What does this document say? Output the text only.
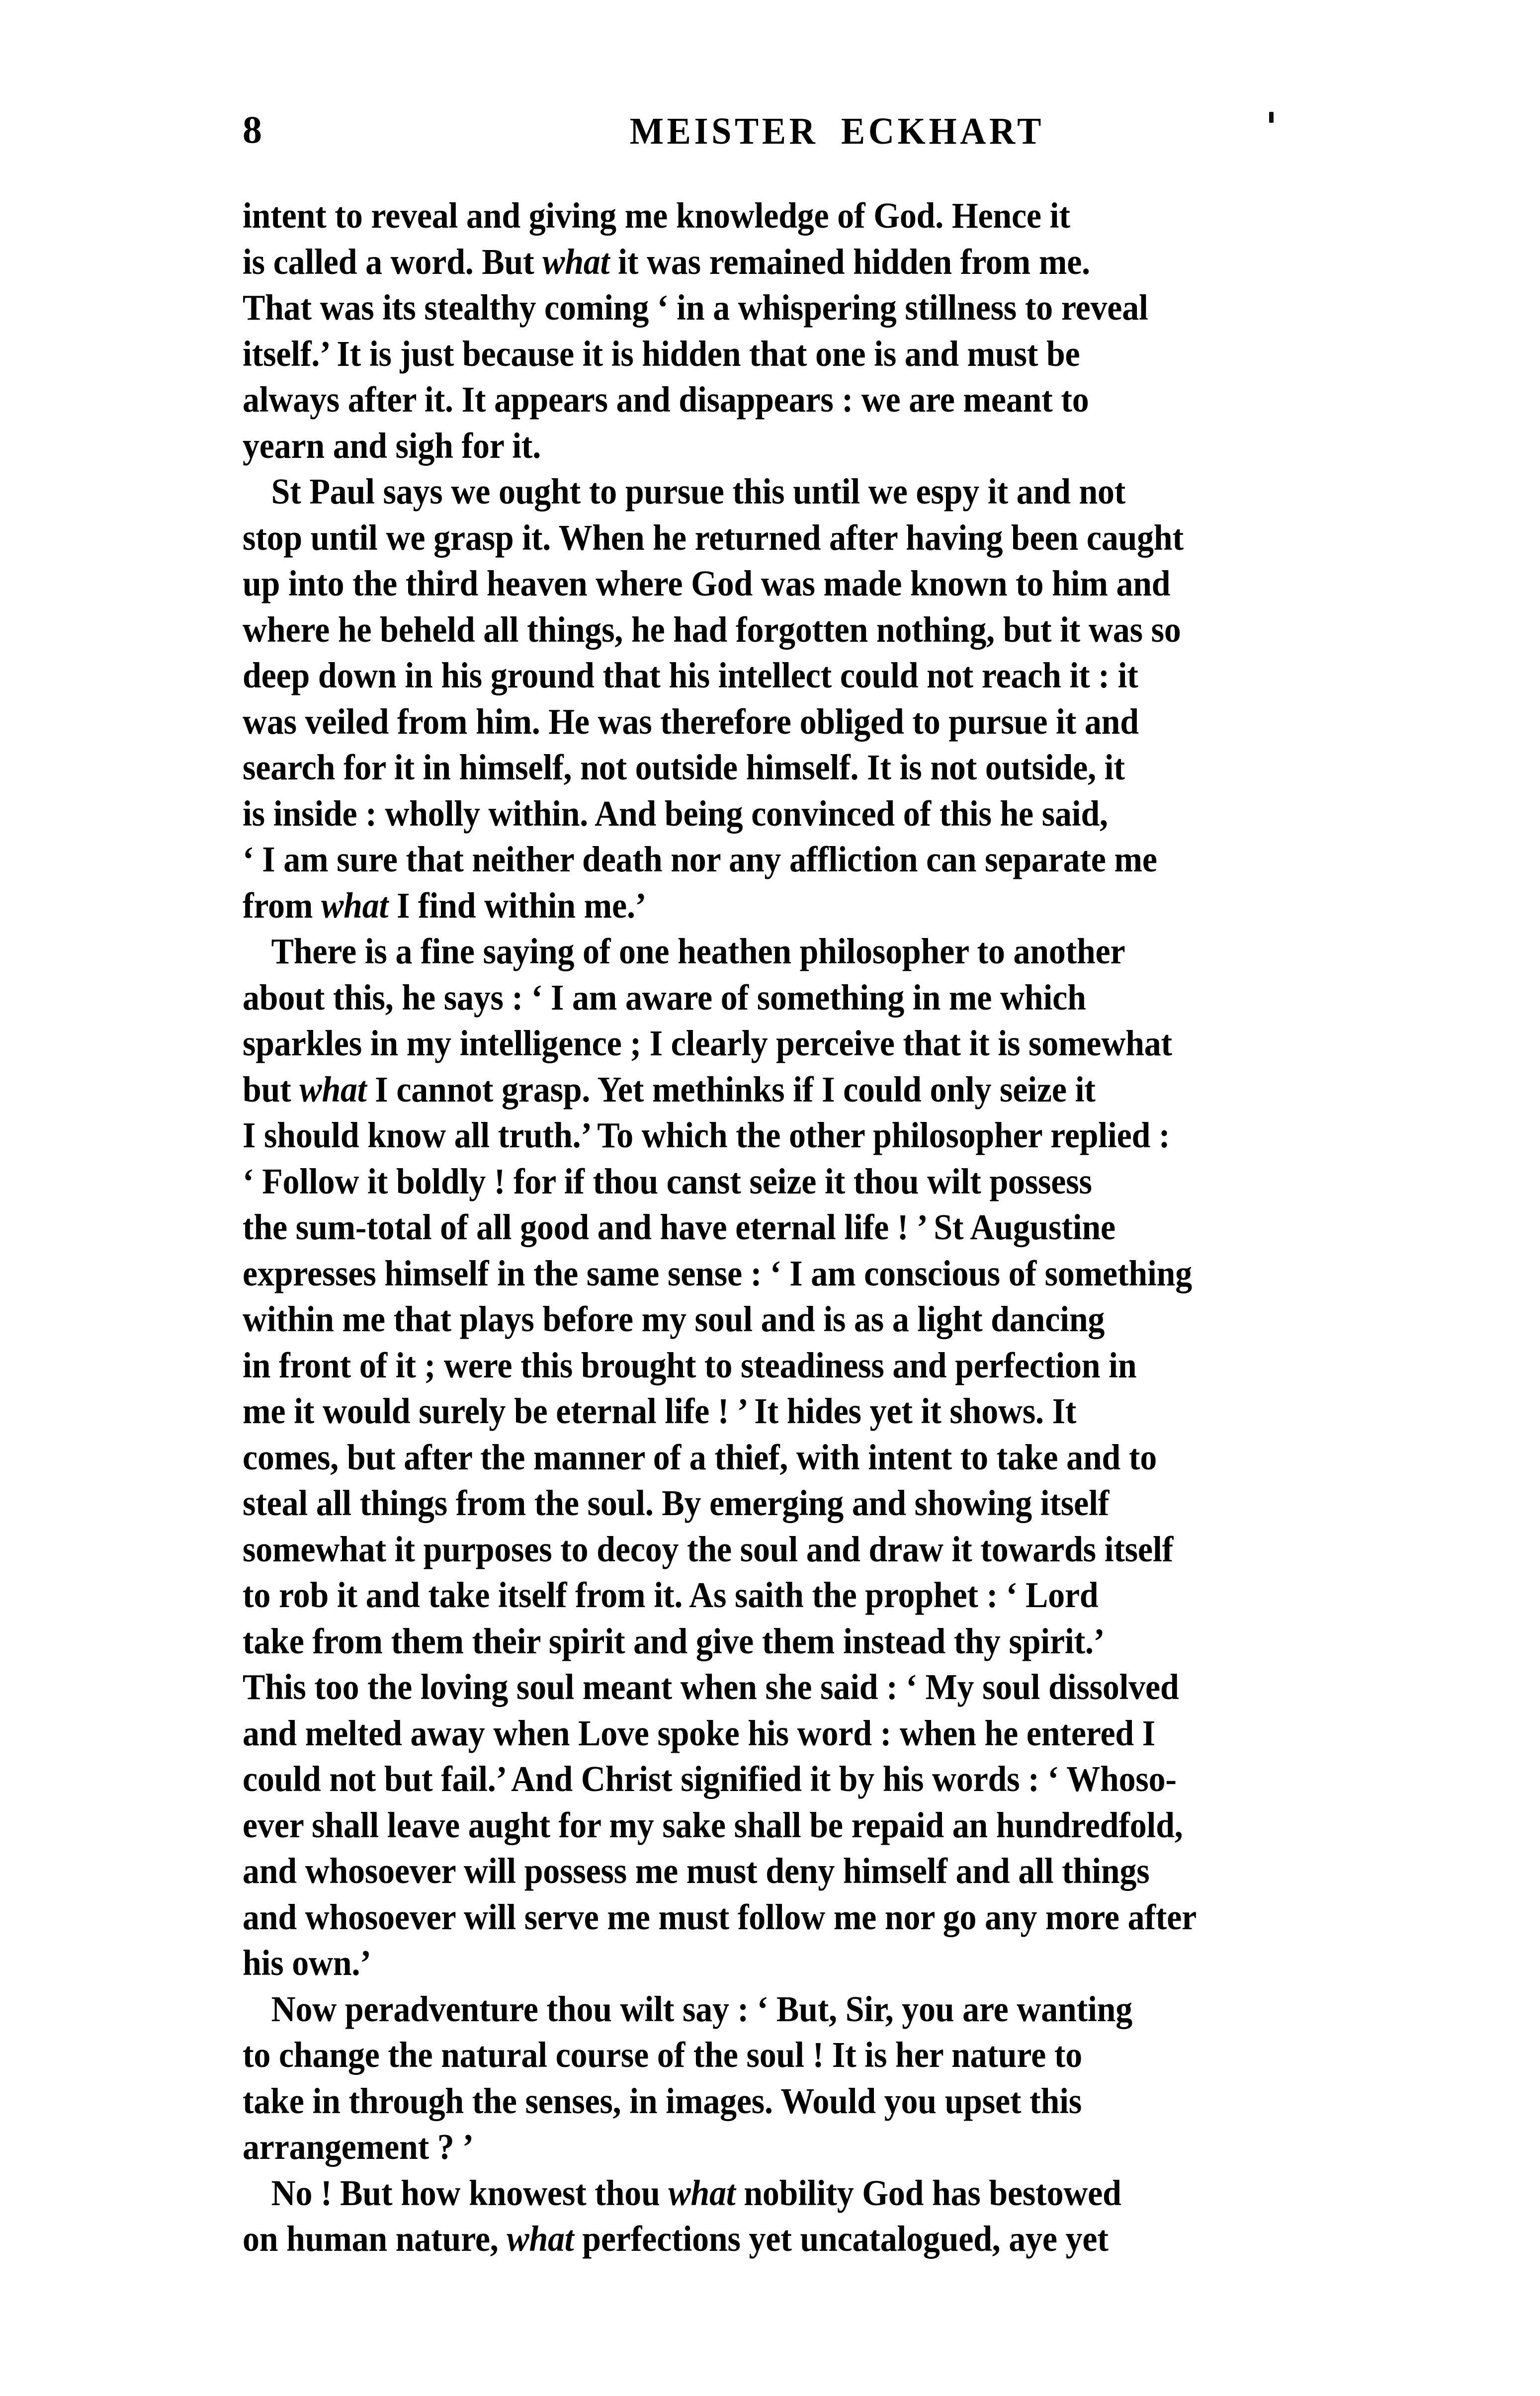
8	MEISTER ECKHART
intent to reveal and giving me knowledge of God. Hence it
is called a word. But what it was remained hidden from me.
That was its stealthy coming ‘ in a whispering stillness to reveal
itself.’ It is just because it is hidden that one is and must be
always after it. It appears and disappears : we are meant to
yearn and sigh for it.
St Paul says we ought to pursue this until we espy it and not
stop until we grasp it. When he returned after having been caught
up into the third heaven where God was made known to him and
where he beheld all things, he had forgotten nothing, but it was so
deep down in his ground that his intellect could not reach it : it
was veiled from him. He was therefore obliged to pursue it and
search for it in himself, not outside himself. It is not outside, it
is inside : wholly within. And being convinced of this he said,
‘ I am sure that neither death nor any affliction can separate me
from what I find within me.’
There is a fine saying of one heathen philosopher to another
about this, he says : ‘ I am aware of something in me which
sparkles in my intelligence ; I clearly perceive that it is somewhat
but what I cannot grasp. Yet methinks if I could only seize it
I should know all truth.’ To which the other philosopher replied :
‘ Follow it boldly ! for if thou canst seize it thou wilt possess
the sum-total of all good and have eternal life ! ’ St Augustine
expresses himself in the same sense : ‘ I am conscious of something
within me that plays before my soul and is as a light dancing
in front of it ; were this brought to steadiness and perfection in
me it would surely be eternal life ! ’ It hides yet it shows. It
comes, but after the manner of a thief, with intent to take and to
steal all things from the soul. By emerging and showing itself
somewhat it purposes to decoy the soul and draw it towards itself
to rob it and take itself from it. As saith the prophet : ‘ Lord
take from them their spirit and give them instead thy spirit.’
This too the loving soul meant when she said : ‘ My soul dissolved
and melted away when Love spoke his word : when he entered I
could not but fail.’ And Christ signified it by his words : ‘ Whoso-
ever shall leave aught for my sake shall be repaid an hundredfold,
and whosoever will possess me must deny himself and all things
and whosoever will serve me must follow me nor go any more after
his own.’
Now peradventure thou wilt say : ‘ But, Sir, you are wanting
to change the natural course of the soul ! It is her nature to
take in through the senses, in images. Would you upset this
arrangement ? ’
No ! But how knowest thou what nobility God has bestowed
on human nature, what perfections yet uncatalogued, aye yet
